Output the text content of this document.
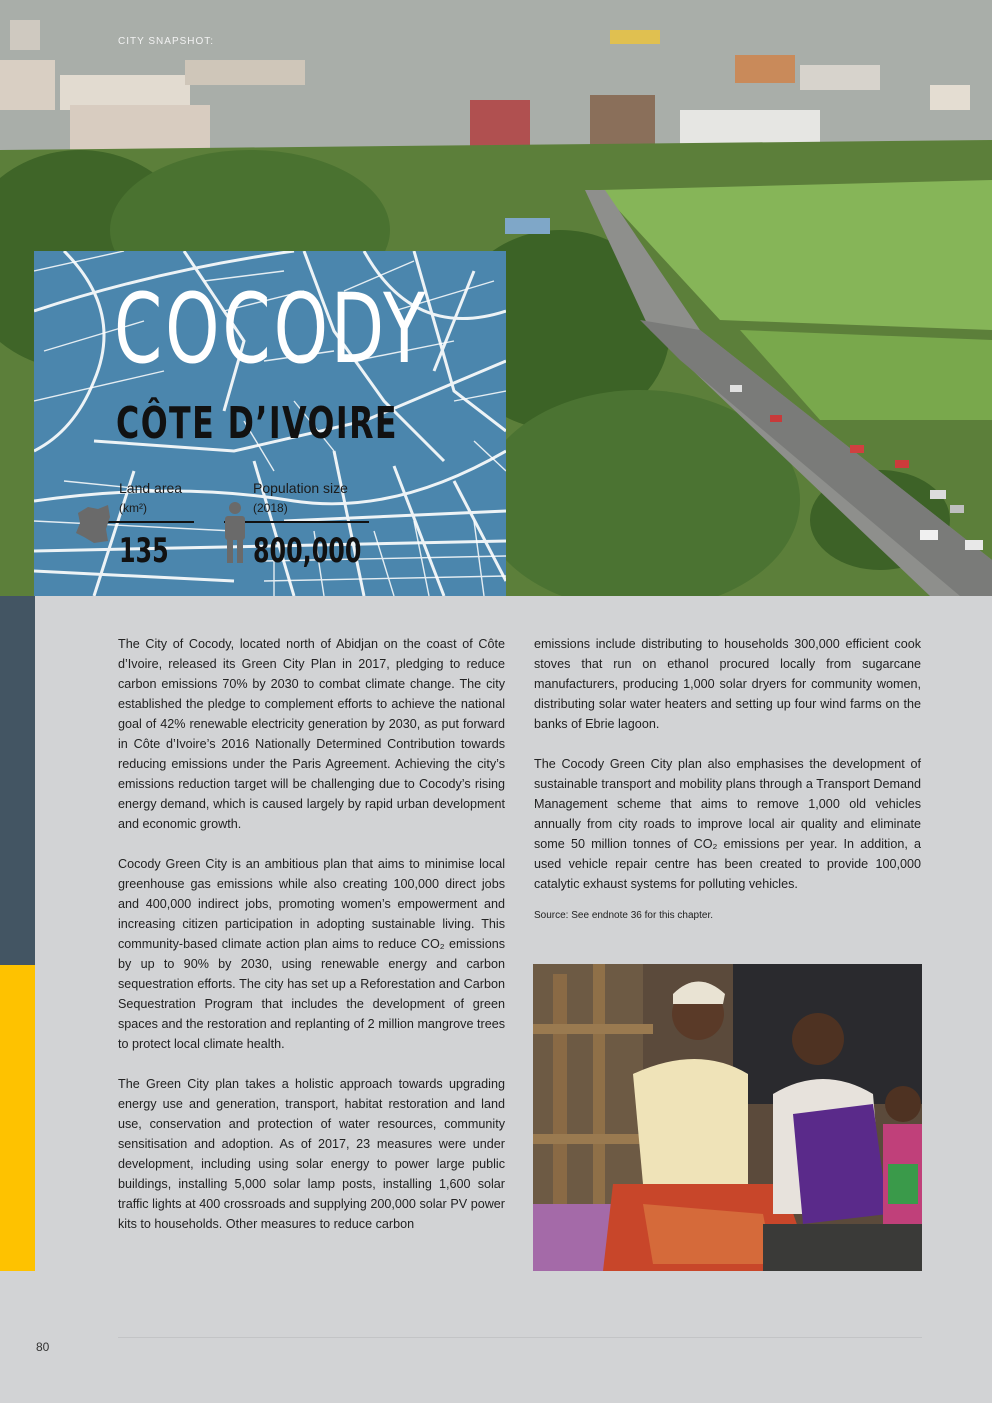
CITY SNAPSHOT:
COCODY
CÔTE D’IVOIRE
Land area
(km²)
135
Population size
(2018)
800,000

The City of Cocody, located north of Abidjan on the coast of Côte d’Ivoire, released its Green City Plan in 2017, pledging to reduce carbon emissions 70% by 2030 to combat climate change. The city established the pledge to complement efforts to achieve the national goal of 42% renewable electricity generation by 2030, as put forward in Côte d’Ivoire’s 2016 Nationally Determined Contribution towards reducing emissions under the Paris Agreement. Achieving the city’s emissions reduction target will be challenging due to Cocody’s rising energy demand, which is caused largely by rapid urban development and economic growth.

Cocody Green City is an ambitious plan that aims to minimise local greenhouse gas emissions while also creating 100,000 direct jobs and 400,000 indirect jobs, promoting women’s empowerment and increasing citizen participation in adopting sustainable living. This community-based climate action plan aims to reduce CO₂ emissions by up to 90% by 2030, using renewable energy and carbon sequestration efforts. The city has set up a Reforestation and Carbon Sequestration Program that includes the development of green spaces and the restoration and replanting of 2 million mangrove trees to protect local climate health.

The Green City plan takes a holistic approach towards upgrading energy use and generation, transport, habitat restoration and land use, conservation and protection of water resources, community sensitisation and adoption. As of 2017, 23 measures were under development, including using solar energy to power large public buildings, installing 5,000 solar lamp posts, installing 1,600 solar traffic lights at 400 crossroads and supplying 200,000 solar PV power kits to households. Other measures to reduce carbon

emissions include distributing to households 300,000 efficient cook stoves that run on ethanol procured locally from sugarcane manufacturers, producing 1,000 solar dryers for community women, distributing solar water heaters and setting up four wind farms on the banks of Ebrie lagoon.

The Cocody Green City plan also emphasises the development of sustainable transport and mobility plans through a Transport Demand Management scheme that aims to remove 1,000 old vehicles annually from city roads to improve local air quality and eliminate some 50 million tonnes of CO₂ emissions per year. In addition, a used vehicle repair centre has been created to provide 100,000 catalytic exhaust systems for polluting vehicles.

Source: See endnote 36 for this chapter.
80
